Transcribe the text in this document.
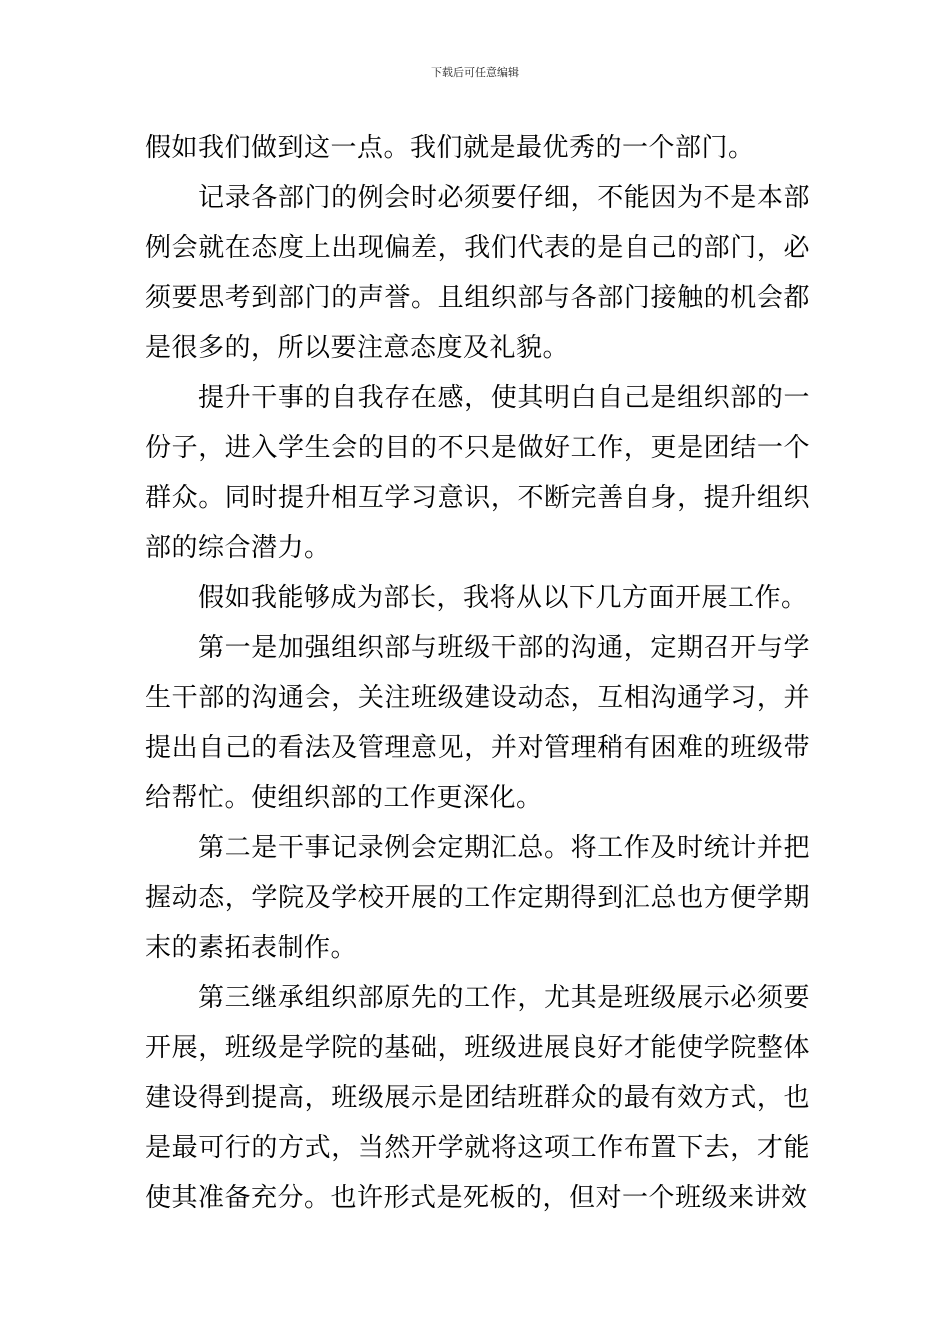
下载后可任意编辑

假如我们做到这一点。我们就是最优秀的一个部门。

记录各部门的例会时必须要仔细，不能因为不是本部例会就在态度上出现偏差，我们代表的是自己的部门，必须要思考到部门的声誉。且组织部与各部门接触的机会都是很多的，所以要注意态度及礼貌。

提升干事的自我存在感，使其明白自己是组织部的一份子，进入学生会的目的不只是做好工作，更是团结一个群众。同时提升相互学习意识，不断完善自身，提升组织部的综合潜力。

假如我能够成为部长，我将从以下几方面开展工作。

第一是加强组织部与班级干部的沟通，定期召开与学生干部的沟通会，关注班级建设动态，互相沟通学习，并提出自己的看法及管理意见，并对管理稍有困难的班级带给帮忙。使组织部的工作更深化。

第二是干事记录例会定期汇总。将工作及时统计并把握动态，学院及学校开展的工作定期得到汇总也方便学期末的素拓表制作。

第三继承组织部原先的工作，尤其是班级展示必须要开展，班级是学院的基础，班级进展良好才能使学院整体建设得到提高，班级展示是团结班群众的最有效方式，也是最可行的方式，当然开学就将这项工作布置下去，才能使其准备充分。也许形式是死板的，但对一个班级来讲效
